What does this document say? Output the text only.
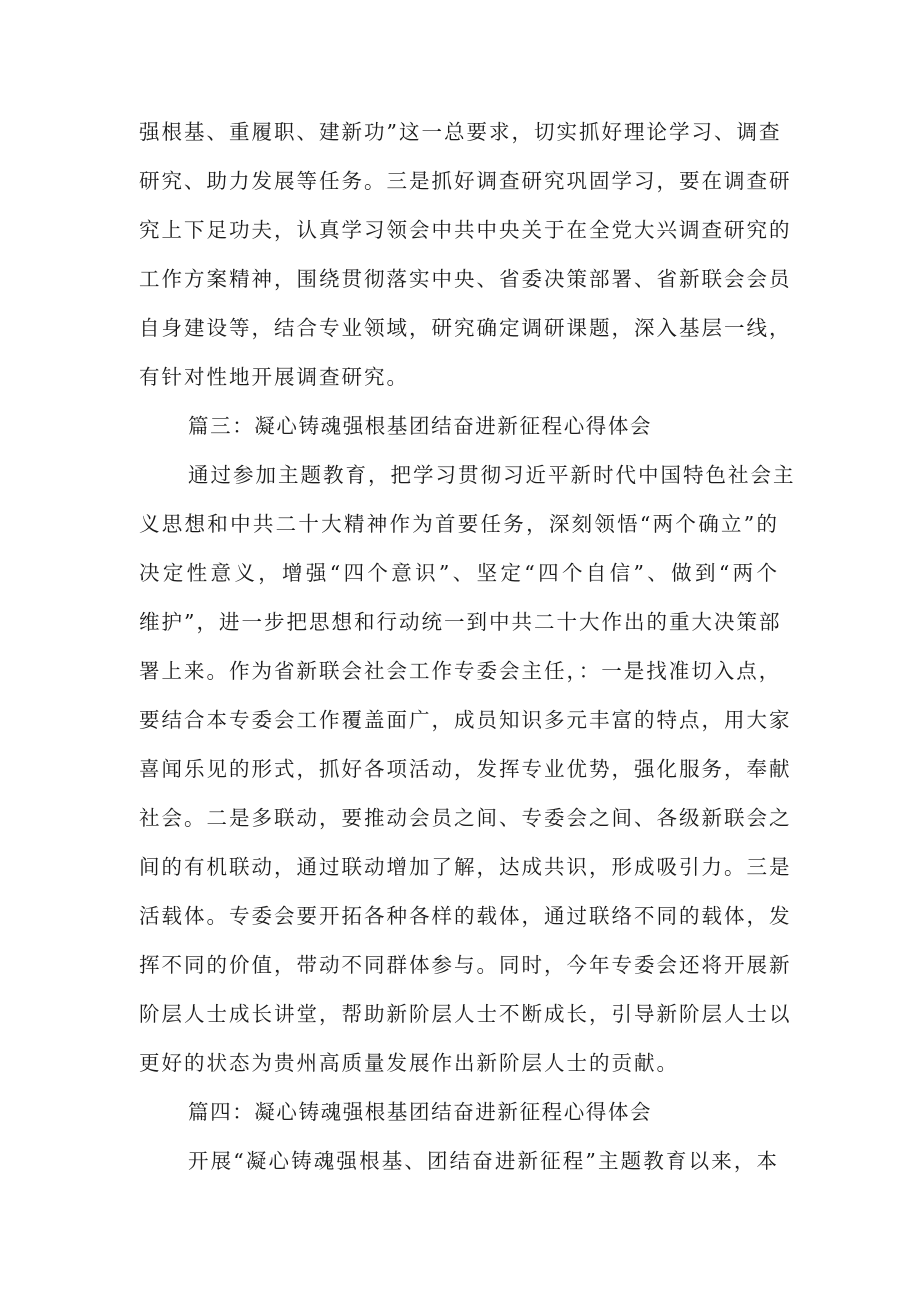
强根基、重履职、建新功”这一总要求，切实抓好理论学习、调查
研究、助力发展等任务。三是抓好调查研究巩固学习，要在调查研
究上下足功夫，认真学习领会中共中央关于在全党大兴调查研究的
工作方案精神，围绕贯彻落实中央、省委决策部署、省新联会会员
自身建设等，结合专业领域，研究确定调研课题，深入基层一线，
有针对性地开展调查研究。
篇三：凝心铸魂强根基团结奋进新征程心得体会
通过参加主题教育，把学习贯彻习近平新时代中国特色社会主
义思想和中共二十大精神作为首要任务，深刻领悟“两个确立”的
决定性意义，增强“四个意识”、坚定“四个自信”、做到“两个
维护”，进一步把思想和行动统一到中共二十大作出的重大决策部
署上来。作为省新联会社会工作专委会主任，：一是找准切入点，
要结合本专委会工作覆盖面广，成员知识多元丰富的特点，用大家
喜闻乐见的形式，抓好各项活动，发挥专业优势，强化服务，奉献
社会。二是多联动，要推动会员之间、专委会之间、各级新联会之
间的有机联动，通过联动增加了解，达成共识，形成吸引力。三是
活载体。专委会要开拓各种各样的载体，通过联络不同的载体，发
挥不同的价值，带动不同群体参与。同时，今年专委会还将开展新
阶层人士成长讲堂，帮助新阶层人士不断成长，引导新阶层人士以
更好的状态为贵州高质量发展作出新阶层人士的贡献。
篇四：凝心铸魂强根基团结奋进新征程心得体会
开展“凝心铸魂强根基、团结奋进新征程”主题教育以来，本
